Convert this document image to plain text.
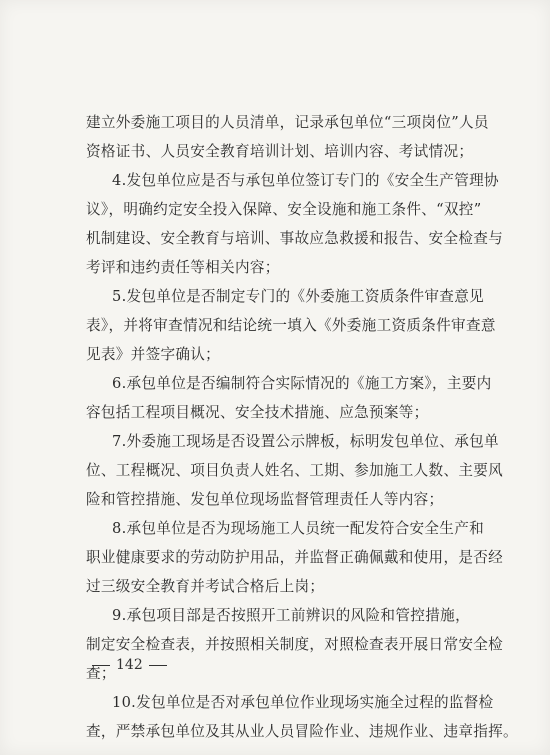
建立外委施工项目的人员清单，记录承包单位“三项岗位”人员
资格证书、人员安全教育培训计划、培训内容、考试情况；
4.发包单位应是否与承包单位签订专门的《安全生产管理协
议》，明确约定安全投入保障、安全设施和施工条件、“双控”
机制建设、安全教育与培训、事故应急救援和报告、安全检查与
考评和违约责任等相关内容；
5.发包单位是否制定专门的《外委施工资质条件审查意见
表》，并将审查情况和结论统一填入《外委施工资质条件审查意
见表》并签字确认；
6.承包单位是否编制符合实际情况的《施工方案》，主要内
容包括工程项目概况、安全技术措施、应急预案等；
7.外委施工现场是否设置公示牌板，标明发包单位、承包单
位、工程概况、项目负责人姓名、工期、参加施工人数、主要风
险和管控措施、发包单位现场监督管理责任人等内容；
8.承包单位是否为现场施工人员统一配发符合安全生产和
职业健康要求的劳动防护用品，并监督正确佩戴和使用，是否经
过三级安全教育并考试合格后上岗；
9.承包项目部是否按照开工前辨识的风险和管控措施，
制定安全检查表，并按照相关制度，对照检查表开展日常安全检
查；
10.发包单位是否对承包单位作业现场实施全过程的监督检
查，严禁承包单位及其从业人员冒险作业、违规作业、违章指挥。
142
